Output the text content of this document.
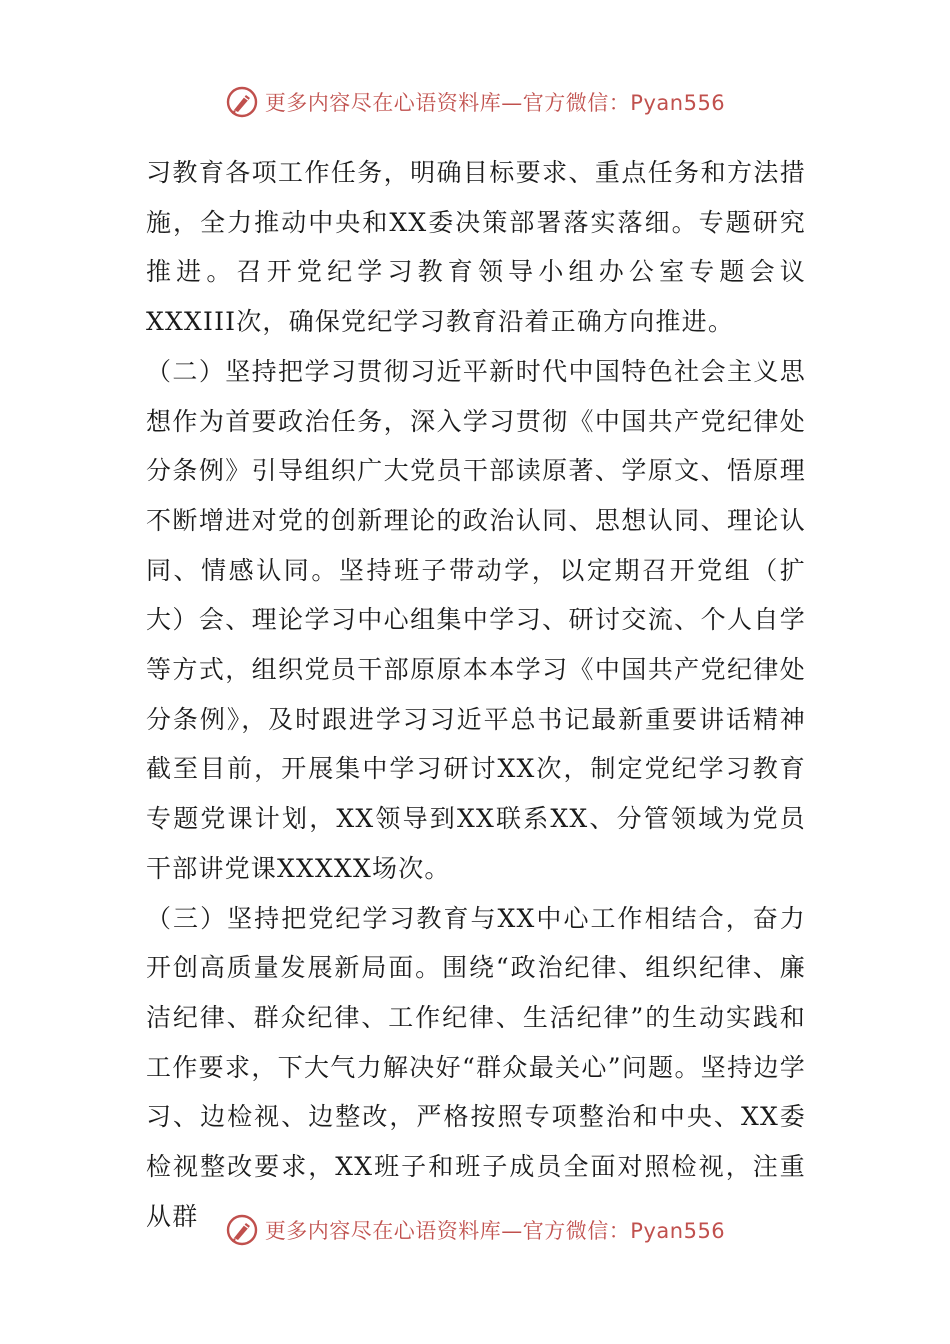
更多内容尽在心语资料库—官方微信：Pyan556

习教育各项工作任务，明确目标要求、重点任务和方法措施，全力推动中央和XX委决策部署落实落细。专题研究推进。召开党纪学习教育领导小组办公室专题会议XXXIII次，确保党纪学习教育沿着正确方向推进。

（二）坚持把学习贯彻习近平新时代中国特色社会主义思想作为首要政治任务，深入学习贯彻《中国共产党纪律处分条例》引导组织广大党员干部读原著、学原文、悟原理不断增进对党的创新理论的政治认同、思想认同、理论认同、情感认同。坚持班子带动学，以定期召开党组（扩大）会、理论学习中心组集中学习、研讨交流、个人自学等方式，组织党员干部原原本本学习《中国共产党纪律处分条例》，及时跟进学习习近平总书记最新重要讲话精神截至目前，开展集中学习研讨XX次，制定党纪学习教育专题党课计划，XX领导到XX联系XX、分管领域为党员干部讲党课XXXXX场次。

（三）坚持把党纪学习教育与XX中心工作相结合，奋力开创高质量发展新局面。围绕“政治纪律、组织纪律、廉洁纪律、群众纪律、工作纪律、生活纪律”的生动实践和工作要求，下大气力解决好“群众最关心”问题。坚持边学习、边检视、边整改，严格按照专项整治和中央、XX委检视整改要求，XX班子和班子成员全面对照检视，注重从群

更多内容尽在心语资料库—官方微信：Pyan556
